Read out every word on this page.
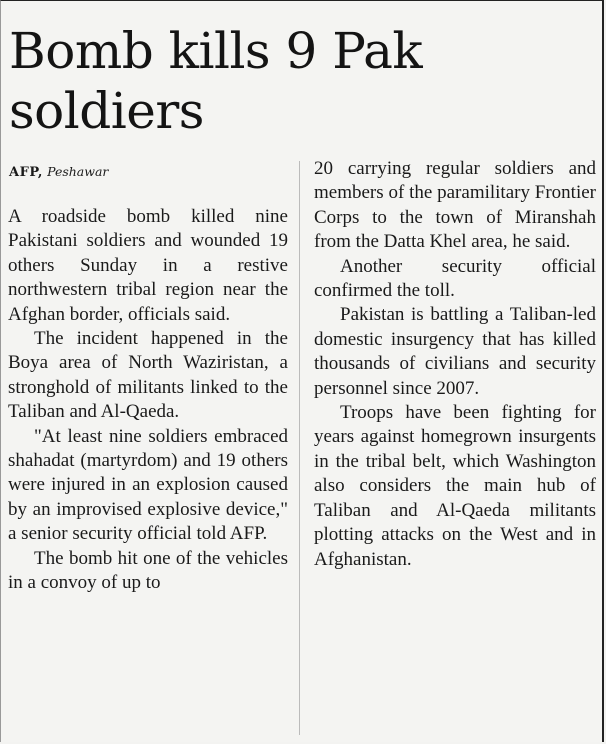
Bomb kills 9 Pak soldiers
AFP, Peshawar

A roadside bomb killed nine Pakistani soldiers and wounded 19 others Sunday in a restive northwestern tribal region near the Afghan border, officials said.

The incident happened in the Boya area of North Waziristan, a stronghold of militants linked to the Taliban and Al-Qaeda.

"At least nine soldiers embraced shahadat (martyrdom) and 19 others were injured in an explosion caused by an improvised explosive device," a senior security official told AFP.

The bomb hit one of the vehicles in a convoy of up to

20 carrying regular soldiers and members of the paramilitary Frontier Corps to the town of Miranshah from the Datta Khel area, he said.

Another security official confirmed the toll.

Pakistan is battling a Taliban-led domestic insurgency that has killed thousands of civilians and security personnel since 2007.

Troops have been fighting for years against homegrown insurgents in the tribal belt, which Washington also considers the main hub of Taliban and Al-Qaeda militants plotting attacks on the West and in Afghanistan.
